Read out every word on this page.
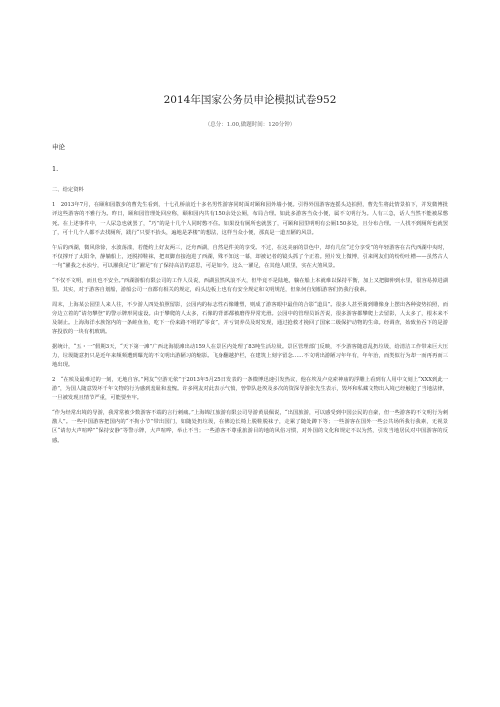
2014年国家公务员申论模拟试卷952
（总分：1.00,做题时间：120分钟）
申论
1.

二、给定资料

1　2013年7月，在颐和园散步的曹先生看到，十七孔桥前近十多名男性游客同时面对颐和园外墙小便。引得外国游客连摇头边拍照，曹先生将此情景拍下，并发微博批评这些游客的不雅行为。昨日，颐和园管理处回应称，颐和园内共有150余处公厕，布局合理。如此多游客当众小便，属不文明行为。人有三急，话人当然不能被尿憋死。在上述事件中，一人尿急也就罢了，“巧”的是十几个人同时憋不住。如果没有厕所也就罢了，可颐和园里明明有公厕150多处，且分布合理。一人找不到厕所也就罢了，可十几个人都不去找厕所，践行“只要不抬头，遍地是茅楼”的想法，这样当众小便，那真是一道丑陋的风景。

午后的西湖，微风徐徐，水波荡漾，若能约上好友两三，泛舟西湖，自然是件美的享受。不过，在这美丽的景色中，却有几位“过分享受”的年轻游客在古代西湖中央时，不仅撑开了太阳伞，静躺船上，还脱掉鞋袜，把双脚直接泡进了西湖，殊不知这一幕，却被记者的镜头抓了个正着。照片发上微博，引来网友们的纷纷吐槽——虽然古人一句“濯我之水浊兮，可以濯我足”让“濯足”有了保持高洁的意思，可是如今，这么一濯足，在其他人眼里，实在大煞风景。

“不仅不文明，而且也不安全。”西湖游船有限公司的工作人员说，西湖虽然风浪不大，但毕竟不是陆地，躺在船上本就难以保持平衡，加上又把脚伸到水里，很容易掉进湖里。其实，对于游客自划船，游船公司一直都有相关的规定，码头边板上也有有安全规定和文明规范，但象何自划船游客们仍我行我素。

周末，上海某公园里人来人往，不少游人四处拍照留影，公园内的标志性石像雕塑，则成了游客眼中最佳的合影“道具”。很多人甚至骑到雕像身上摆出各种姿势拍照，而旁边立着的“请勿攀登”的警示牌形同虚设。由于攀爬的人太多，石像的背部都被磨得异常光滑。公园中的管理员诉苦说，很多游客都攀爬上去留影，人太多了，根本来不及制止。上海海洋水族馆内的一条鲑鱼鱼，吃下一份来路不明的“零食”，并亏饲养员及时发现，通过抢救才挽回了国家二级保护动物的生命。经调查，始致鱼吞下的是游客投放的一块有机玻璃。

据统计，“五・一”假期3天，“天下第一滩”广西北海银滩出动159人在景区内处理了83吨生活垃圾。景区管理部门反映，不少游客随意乱扔垃圾，给清洁工作带来巨大压力，垃圾随意扔只是近年来频频遭到曝光的不文明出游陋习的缩影。飞身翻越护栏，在建筑上刻字留念……不文明出游陋习年年有，年年治，而类似行为却一而再再而三地出现。

2　“在殡及最难过的一刻，无地自容。”网友“空游无依”于2013年5月25日发表的一条微博迅速引发热议，他在埃及卢克索神庙的浮雕上看到有人用中文刻上“XXX到此一游”，为国人随意毁坏千年文物的行为感到羞耻和羞愧。许多网友对此表示气愤，曾带队赴埃及多次的资深导游张先生表示，毁坏和私藏文物出入境已经触犯了当地法律，一旦被发现且情节严重，可能要坐牢。

“作为经常出境的导游，我常常被少数游客不端的言行刺痛。”上海锦江旅游有限公司导游黄晨佩说，“出国旅游，可以感受到中国公民的自豪，但一些游客的不文明行为刺激人”。一些中国游客把国内的“不拘小节”带出国门，如随处扔垃圾，在佛边长椅上脱鞋脱袜子，走累了随处蹲下等；一些游客在国外一些公共场所我行我素，无视景区“请勿大声喧哗”“保持安静”等警示牌，大声喧哗，举止不当；一些游客不尊重旅游目的地的风俗习惯，对外国的文化和规定不以为然，引发当地居民对中国游客的反感。
